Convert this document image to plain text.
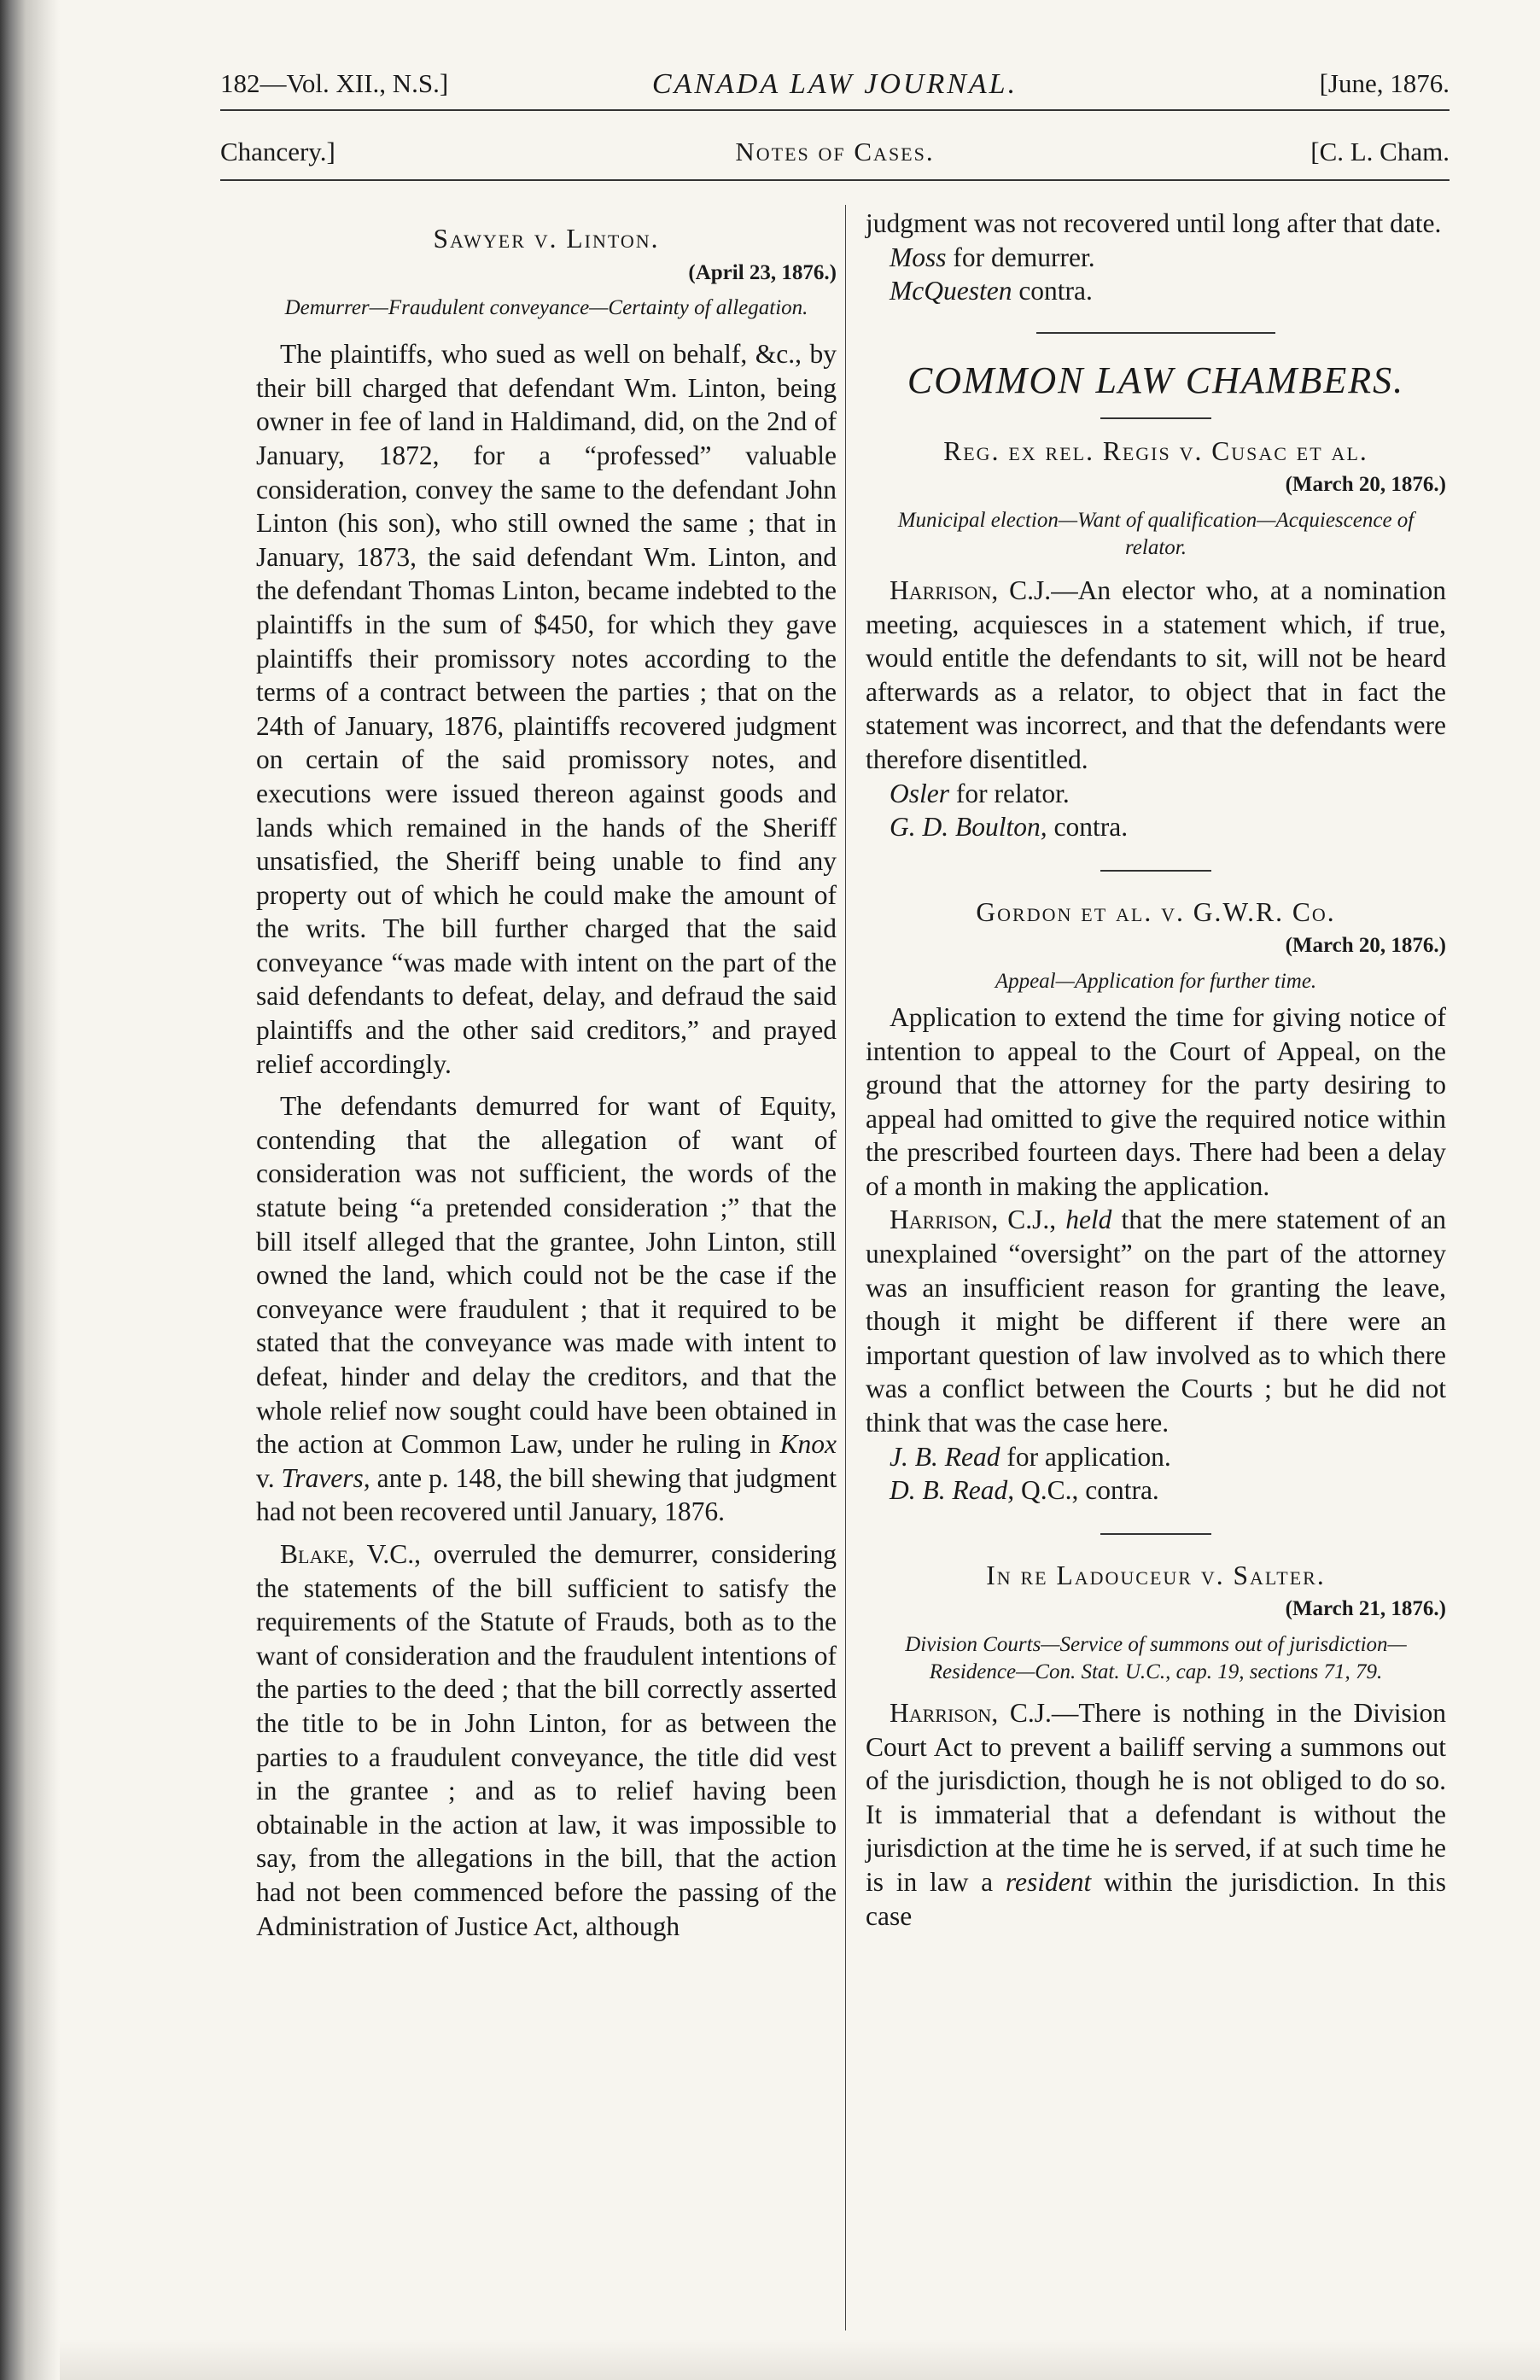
182—Vol. XII., N.S.]	CANADA LAW JOURNAL.	[June, 1876.
Chancery.]	Notes of Cases.	[C. L. Cham.
Sawyer v. Linton.
(April 23, 1876.)
Demurrer—Fraudulent conveyance—Certainty of allegation.

The plaintiffs, who sued as well on behalf, &c., by their bill charged that defendant Wm. Linton, being owner in fee of land in Haldimand, did, on the 2nd of January, 1872, for a “professed” valuable consideration, convey the same to the defendant John Linton (his son), who still owned the same ; that in January, 1873, the said defendant Wm. Linton, and the defendant Thomas Linton, became indebted to the plaintiffs in the sum of $450, for which they gave plaintiffs their promissory notes according to the terms of a contract between the parties ; that on the 24th of January, 1876, plaintiffs recovered judgment on certain of the said promissory notes, and executions were issued thereon against goods and lands which remained in the hands of the Sheriff unsatisfied, the Sheriff being unable to find any property out of which he could make the amount of the writs. The bill further charged that the said conveyance “was made with intent on the part of the said defendants to defeat, delay, and defraud the said plaintiffs and the other said creditors,” and prayed relief accordingly.

The defendants demurred for want of Equity, contending that the allegation of want of consideration was not sufficient, the words of the statute being “a pretended consideration ;” that the bill itself alleged that the grantee, John Linton, still owned the land, which could not be the case if the conveyance were fraudulent ; that it required to be stated that the conveyance was made with intent to defeat, hinder and delay the creditors, and that the whole relief now sought could have been obtained in the action at Common Law, under he ruling in Knox v. Travers, ante p. 148, the bill shewing that judgment had not been recovered until January, 1876.

Blake, V.C., overruled the demurrer, considering the statements of the bill sufficient to satisfy the requirements of the Statute of Frauds, both as to the want of consideration and the fraudulent intentions of the parties to the deed ; that the bill correctly asserted the title to be in John Linton, for as between the parties to a fraudulent conveyance, the title did vest in the grantee ; and as to relief having been obtainable in the action at law, it was impossible to say, from the allegations in the bill, that the action had not been commenced before the passing of the Administration of Justice Act, although

judgment was not recovered until long after that date.

Moss for demurrer.

McQuesten contra.

COMMON LAW CHAMBERS.
Reg. ex rel. Regis v. Cusac et al.
(March 20, 1876.)
Municipal election—Want of qualification—Acquiescence of relator.

Harrison, C.J.—An elector who, at a nomination meeting, acquiesces in a statement which, if true, would entitle the defendants to sit, will not be heard afterwards as a relator, to object that in fact the statement was incorrect, and that the defendants were therefore disentitled.

Osler for relator.

G. D. Boulton, contra.

Gordon et al. v. G.W.R. Co.
(March 20, 1876.)
Appeal—Application for further time.

Application to extend the time for giving notice of intention to appeal to the Court of Appeal, on the ground that the attorney for the party desiring to appeal had omitted to give the required notice within the prescribed fourteen days. There had been a delay of a month in making the application.

Harrison, C.J., held that the mere statement of an unexplained “oversight” on the part of the attorney was an insufficient reason for granting the leave, though it might be different if there were an important question of law involved as to which there was a conflict between the Courts ; but he did not think that was the case here.

J. B. Read for application.

D. B. Read, Q.C., contra.

In re Ladouceur v. Salter.
(March 21, 1876.)
Division Courts—Service of summons out of jurisdiction—Residence—Con. Stat. U.C., cap. 19, sections 71, 79.

Harrison, C.J.—There is nothing in the Division Court Act to prevent a bailiff serving a summons out of the jurisdiction, though he is not obliged to do so. It is immaterial that a defendant is without the jurisdiction at the time he is served, if at such time he is in law a resident within the jurisdiction. In this case
